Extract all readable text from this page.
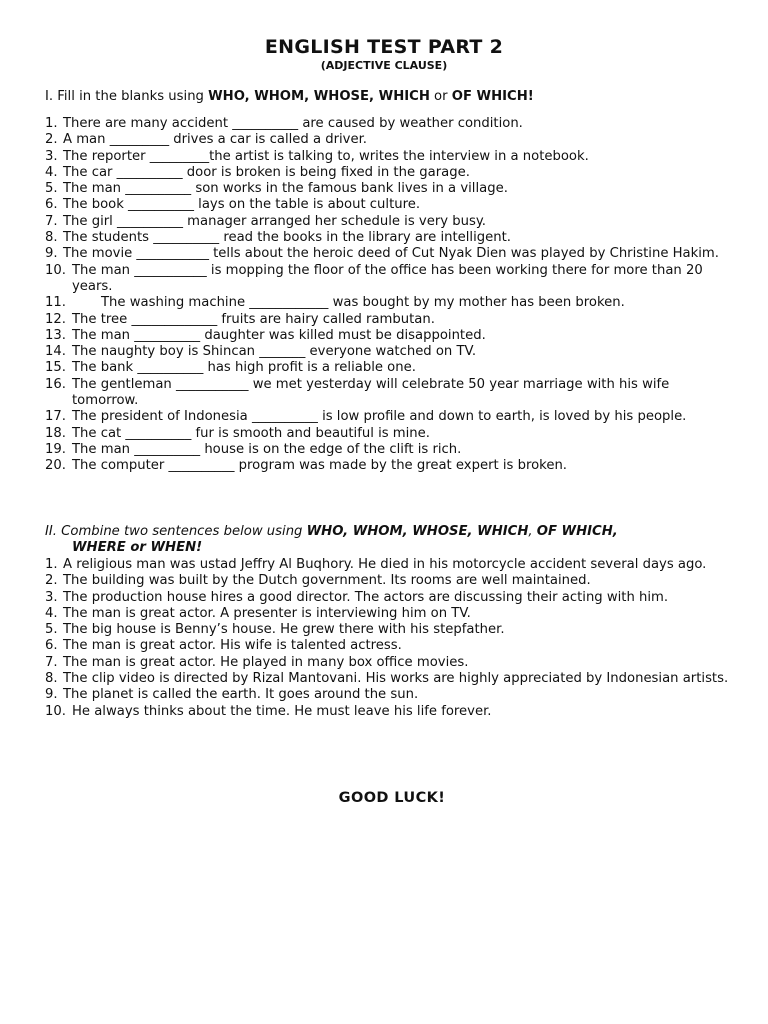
ENGLISH TEST PART 2
(ADJECTIVE CLAUSE)
I. Fill in the blanks using WHO, WHOM, WHOSE, WHICH or OF WHICH!
1. There are many accident __________ are caused by weather condition.
2. A man _________ drives a car is called a driver.
3. The reporter _________the artist is talking to, writes the interview in a notebook.
4. The car __________ door is broken is being fixed in the garage.
5. The man __________ son works in the famous bank lives in a village.
6. The book __________ lays on the table is about culture.
7. The girl __________ manager arranged her schedule is very busy.
8. The students __________ read the books in the library are intelligent.
9. The movie ___________ tells about the heroic deed of Cut Nyak Dien was played by Christine Hakim.
10. The man ___________ is mopping the floor of the office has been working there for more than 20 years.
11.	The washing machine ____________ was bought by my mother has been broken.
12. The tree _____________ fruits are hairy called rambutan.
13. The man __________ daughter was killed must be disappointed.
14. The naughty boy is Shincan _______ everyone watched on TV.
15. The bank __________ has high profit is a reliable one.
16. The gentleman ___________ we met yesterday will celebrate 50 year marriage with his wife tomorrow.
17. The president of Indonesia __________ is low profile and down to earth, is loved by his people.
18. The cat __________ fur is smooth and beautiful is mine.
19. The man __________ house is on the edge of the clift is rich.
20. The computer __________ program was made by the great expert is broken.
II. Combine two sentences below using WHO, WHOM, WHOSE, WHICH, OF WHICH,
WHERE or WHEN!
1. A religious man was ustad Jeffry Al Buqhory. He died in his motorcycle accident several days ago.
2. The building was built by the Dutch government. Its rooms are well maintained.
3. The production house hires a good director. The actors are discussing their acting with him.
4. The man is great actor. A presenter is interviewing him on TV.
5. The big house is Benny’s house. He grew there with his stepfather.
6. The man is great actor. His wife is talented actress.
7. The man is great actor. He played in many box office movies.
8. The clip video is directed by Rizal Mantovani. His works are highly appreciated by Indonesian artists.
9. The planet is called the earth. It goes around the sun.
10. He always thinks about the time. He must leave his life forever.
GOOD LUCK!
